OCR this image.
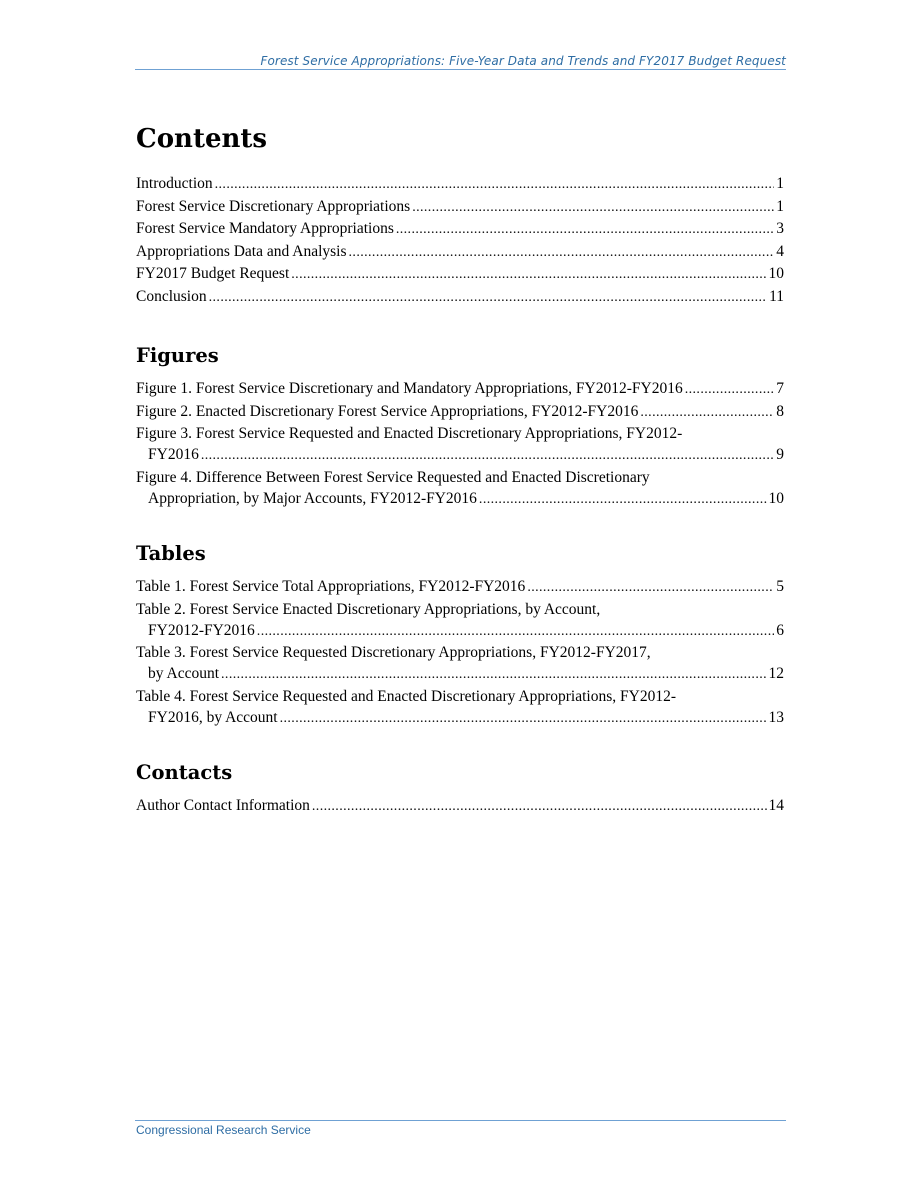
Forest Service Appropriations: Five-Year Data and Trends and FY2017 Budget Request
Contents
Introduction .....	1
Forest Service Discretionary Appropriations .....	1
Forest Service Mandatory Appropriations .....	3
Appropriations Data and Analysis .....	4
FY2017 Budget Request .....	10
Conclusion .....	11
Figures
Figure 1. Forest Service Discretionary and Mandatory Appropriations, FY2012-FY2016 .....	7
Figure 2. Enacted Discretionary Forest Service Appropriations, FY2012-FY2016 .....	8
Figure 3. Forest Service Requested and Enacted Discretionary Appropriations, FY2012-
FY2016 .....	9
Figure 4. Difference Between Forest Service Requested and Enacted Discretionary
Appropriation, by Major Accounts, FY2012-FY2016 .....	10
Tables
Table 1. Forest Service Total Appropriations, FY2012-FY2016 .....	5
Table 2. Forest Service Enacted Discretionary Appropriations, by Account,
FY2012-FY2016 .....	6
Table 3. Forest Service Requested Discretionary Appropriations, FY2012-FY2017,
by Account .....	12
Table 4. Forest Service Requested and Enacted Discretionary Appropriations, FY2012-
FY2016, by Account .....	13
Contacts
Author Contact Information .....	14
Congressional Research Service
